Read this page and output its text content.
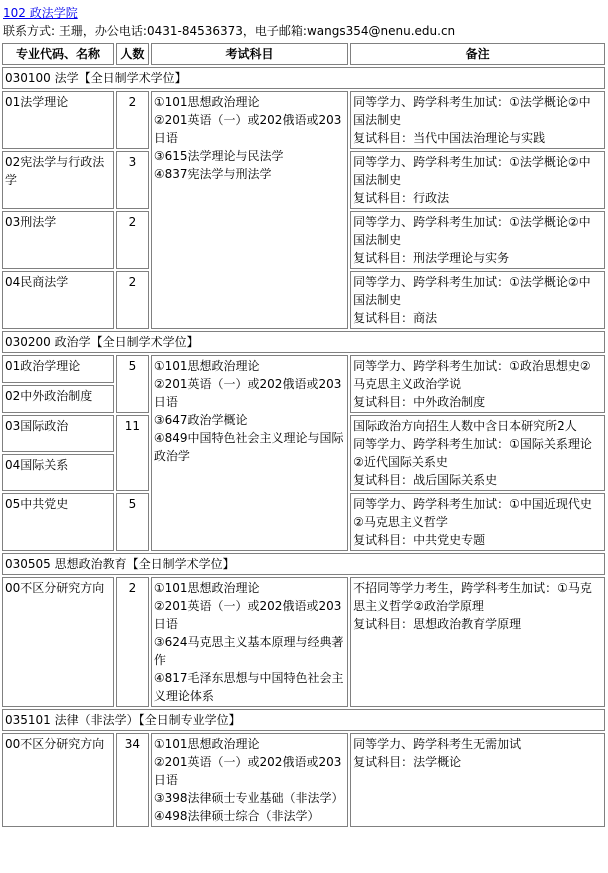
102 政法学院
联系方式: 王珊，办公电话:0431-84536373，电子邮箱:wangs354@nenu.edu.cn
专业代码、名称	人数	考试科目	备注
030100 法学【全日制学术学位】			
01法学理论	2	①101思想政治理论
②201英语（一）或202俄语或203日语
③615法学理论与民法学
④837宪法学与刑法学	同等学力、跨学科考生加试：①法学概论②中国法制史
复试科目：当代中国法治理论与实践

02宪法学与行政法学	3		同等学力、跨学科考生加试：①法学概论②中国法制史
复试科目：行政法

03刑法学	2		同等学力、跨学科考生加试：①法学概论②中国法制史
复试科目：刑法学理论与实务

04民商法学	2		同等学力、跨学科考生加试：①法学概论②中国法制史
复试科目：商法

030200 政治学【全日制学术学位】			
01政治学理论	5	①101思想政治理论
②201英语（一）或202俄语或203日语
③647政治学概论
④849中国特色社会主义理论与国际政治学	同等学力、跨学科考生加试：①政治思想史②马克思主义政治学说
复试科目：中外政治制度

02中外政治制度			
03国际政治	11		国际政治方向招生人数中含日本研究所2人
同等学力、跨学科考生加试：①国际关系理论②近代国际关系史
复试科目：战后国际关系史

04国际关系			
05中共党史	5		同等学力、跨学科考生加试：①中国近现代史②马克思主义哲学
复试科目：中共党史专题

030505 思想政治教育【全日制学术学位】			
00不区分研究方向	2	①101思想政治理论
②201英语（一）或202俄语或203日语
③624马克思主义基本原理与经典著作
④817毛泽东思想与中国特色社会主义理论体系	不招同等学力考生，跨学科考生加试：①马克思主义哲学②政治学原理
复试科目：思想政治教育学原理

035101 法律（非法学）【全日制专业学位】			
00不区分研究方向	34	①101思想政治理论
②201英语（一）或202俄语或203日语
③398法律硕士专业基础（非法学）
④498法律硕士综合（非法学）	同等学力、跨学科考生无需加试
复试科目：法学概论
